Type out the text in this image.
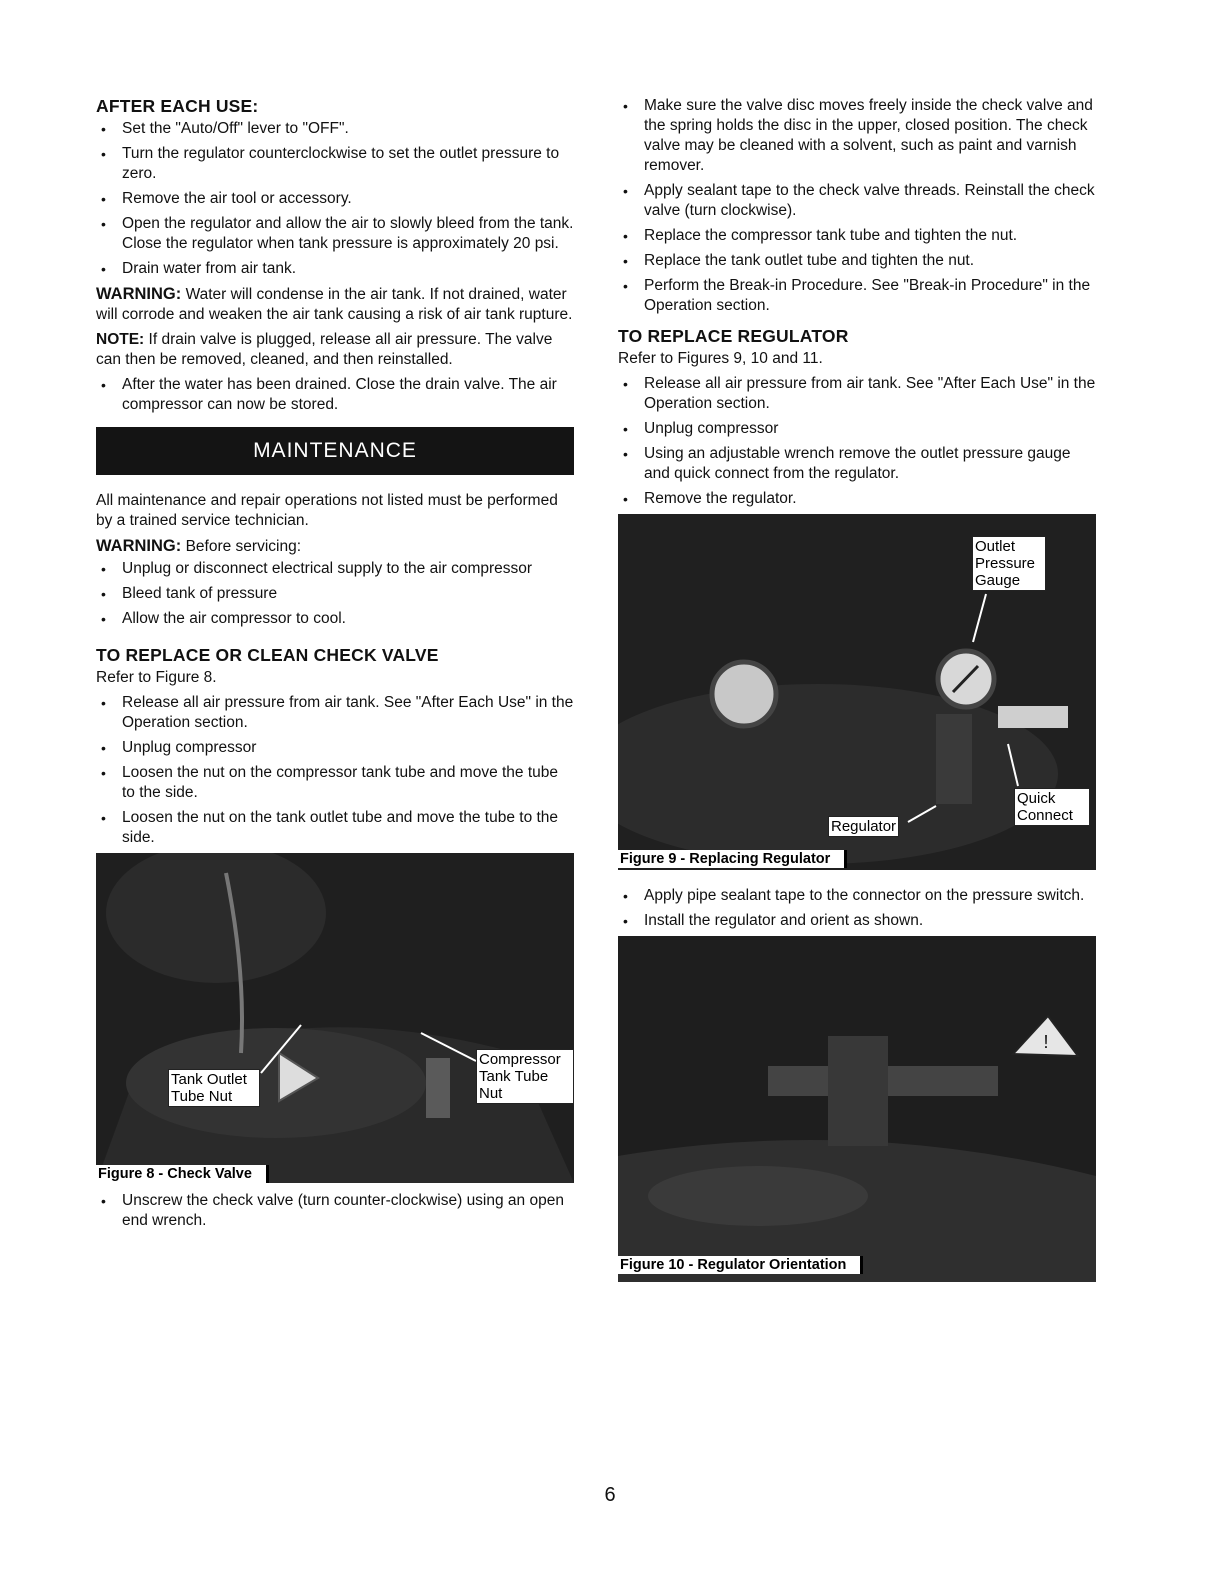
AFTER EACH USE:
• Set the "Auto/Off" lever to "OFF".
• Turn the regulator counterclockwise to set the outlet pressure to zero.
• Remove the air tool or accessory.
• Open the regulator and allow the air to slowly bleed from the tank. Close the regulator when tank pressure is approximately 20 psi.
• Drain water from air tank.

WARNING: Water will condense in the air tank. If not drained, water will corrode and weaken the air tank causing a risk of air tank rupture.

NOTE: If drain valve is plugged, release all air pressure. The valve can then be removed, cleaned, and then reinstalled.

• After the water has been drained. Close the drain valve. The air compressor can now be stored.
MAINTENANCE

All maintenance and repair operations not listed must be performed by a trained service technician.

WARNING: Before servicing:

• Unplug or disconnect electrical supply to the air compressor
• Bleed tank of pressure
• Allow the air compressor to cool.
TO REPLACE OR CLEAN CHECK VALVE

Refer to Figure 8.

• Release all air pressure from air tank. See "After Each Use" in the Operation section.
• Unplug compressor
• Loosen the nut on the compressor tank tube and move the tube to the side.
• Loosen the nut on the tank outlet tube and move the tube to the side.
Tank Outlet Tube Nut
Compressor Tank Tube Nut
Figure 8 - Check Valve
• Unscrew the check valve (turn counter-clockwise) using an open end wrench.
• Make sure the valve disc moves freely inside the check valve and the spring holds the disc in the upper, closed position. The check valve may be cleaned with a solvent, such as paint and varnish remover.
• Apply sealant tape to the check valve threads. Reinstall the check valve (turn clockwise).
• Replace the compressor tank tube and tighten the nut.
• Replace the tank outlet tube and tighten the nut.
• Perform the Break-in Procedure. See "Break-in Procedure" in the Operation section.
TO REPLACE REGULATOR

Refer to Figures 9, 10 and 11.

• Release all air pressure from air tank. See "After Each Use" in the Operation section.
• Unplug compressor
• Using an adjustable wrench remove the outlet pressure gauge and quick connect from the regulator.
• Remove the regulator.
Outlet Pressure Gauge
Regulator
Quick Connect
Figure 9 - Replacing Regulator
• Apply pipe sealant tape to the connector on the pressure switch.
• Install the regulator and orient as shown.
!
Figure 10 - Regulator Orientation
6
